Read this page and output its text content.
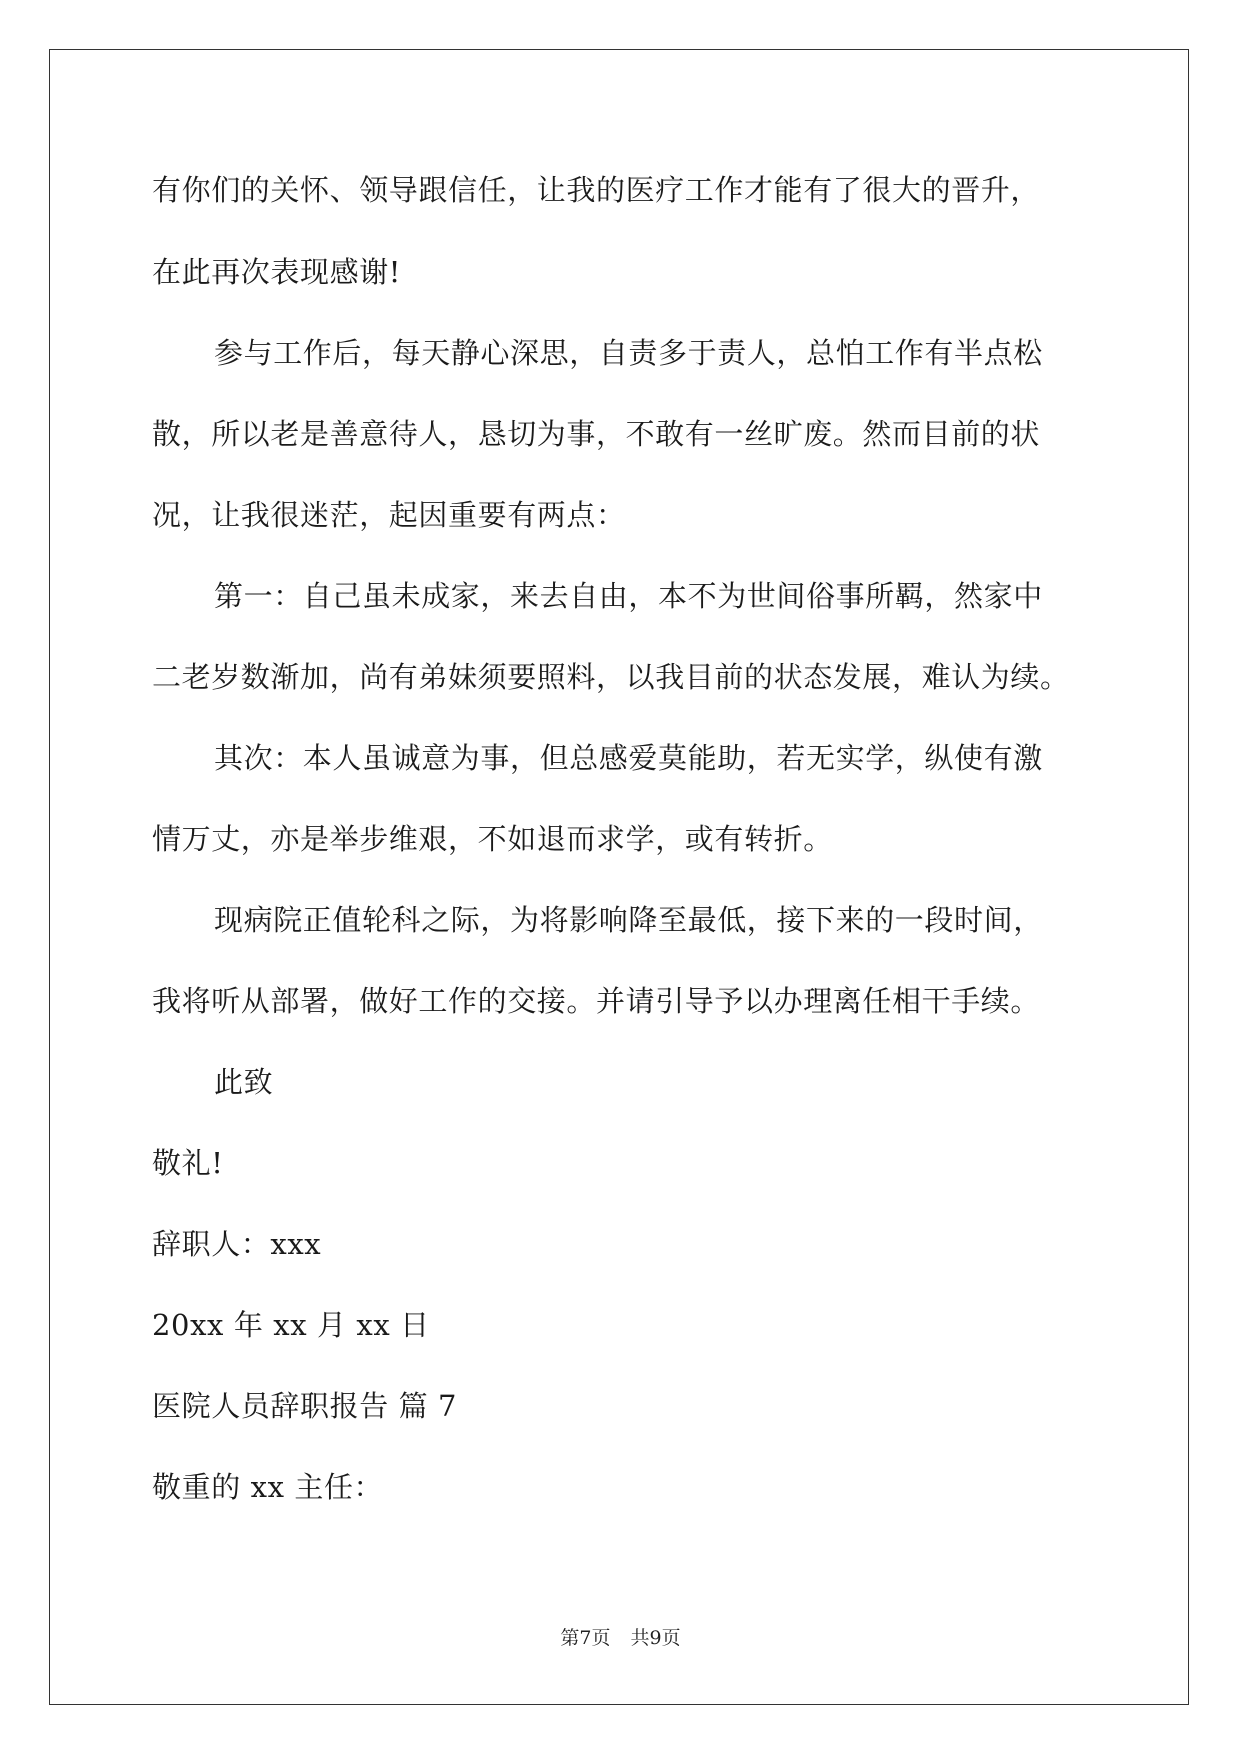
有你们的关怀、领导跟信任，让我的医疗工作才能有了很大的晋升，
在此再次表现感谢!
参与工作后，每天静心深思，自责多于责人，总怕工作有半点松
散，所以老是善意待人，恳切为事，不敢有一丝旷废。然而目前的状
况，让我很迷茫，起因重要有两点：
第一：自己虽未成家，来去自由，本不为世间俗事所羁，然家中
二老岁数渐加，尚有弟妹须要照料，以我目前的状态发展，难认为续。
其次：本人虽诚意为事，但总感爱莫能助，若无实学，纵使有激
情万丈，亦是举步维艰，不如退而求学，或有转折。
现病院正值轮科之际，为将影响降至最低，接下来的一段时间，
我将听从部署，做好工作的交接。并请引导予以办理离任相干手续。
此致
敬礼!
辞职人：xxx
20xx 年 xx 月 xx 日
医院人员辞职报告 篇 7
敬重的 xx 主任：
第7页 共9页
